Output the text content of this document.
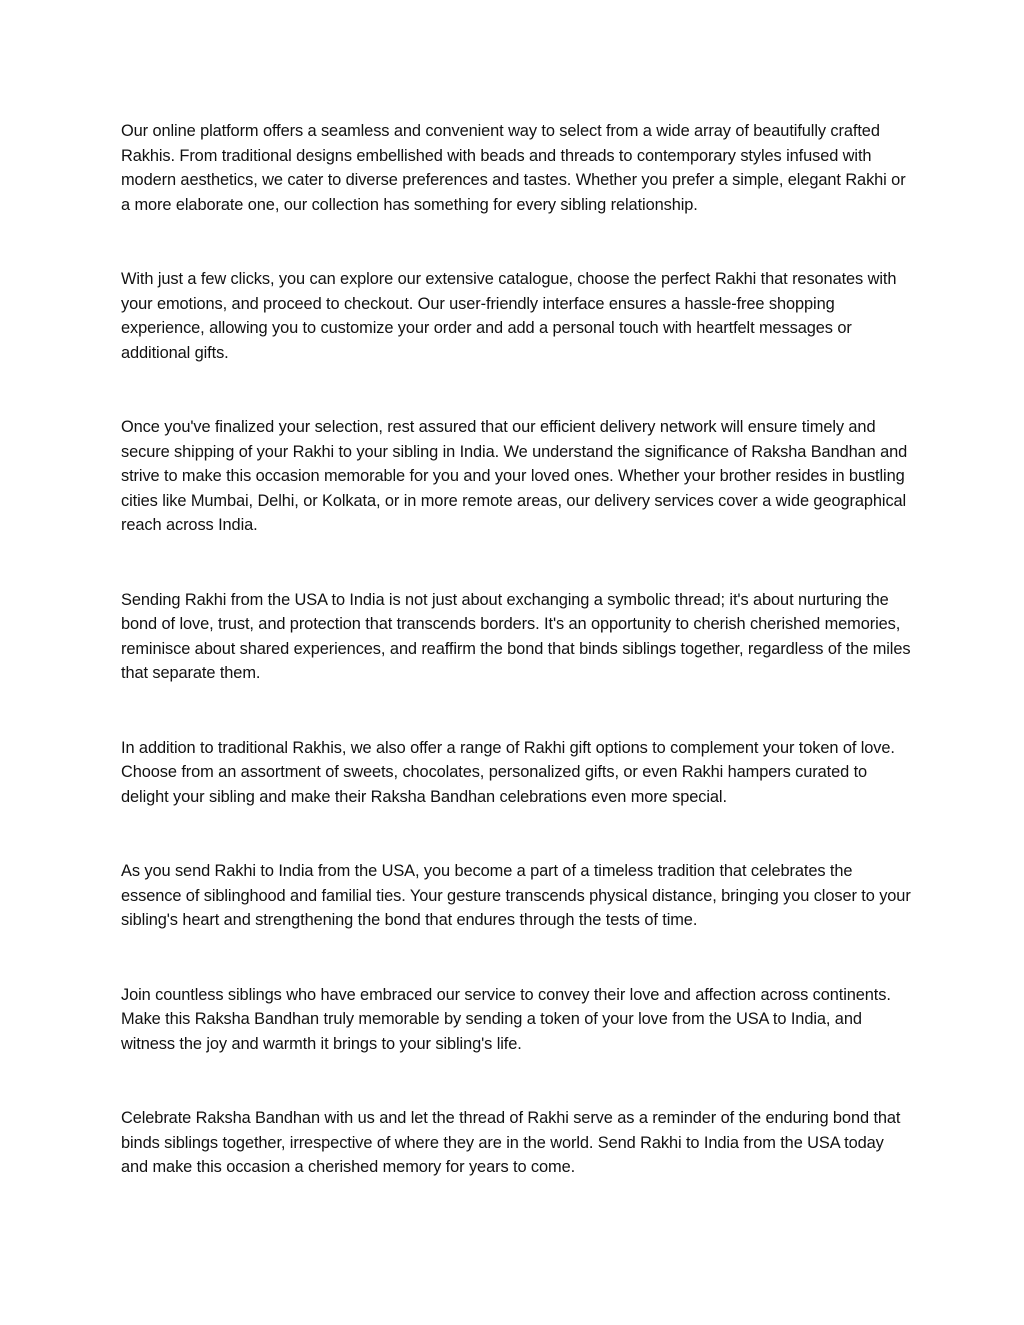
Our online platform offers a seamless and convenient way to select from a wide array of beautifully crafted Rakhis. From traditional designs embellished with beads and threads to contemporary styles infused with modern aesthetics, we cater to diverse preferences and tastes. Whether you prefer a simple, elegant Rakhi or a more elaborate one, our collection has something for every sibling relationship.

With just a few clicks, you can explore our extensive catalogue, choose the perfect Rakhi that resonates with your emotions, and proceed to checkout. Our user-friendly interface ensures a hassle-free shopping experience, allowing you to customize your order and add a personal touch with heartfelt messages or additional gifts.

Once you've finalized your selection, rest assured that our efficient delivery network will ensure timely and secure shipping of your Rakhi to your sibling in India. We understand the significance of Raksha Bandhan and strive to make this occasion memorable for you and your loved ones. Whether your brother resides in bustling cities like Mumbai, Delhi, or Kolkata, or in more remote areas, our delivery services cover a wide geographical reach across India.

Sending Rakhi from the USA to India is not just about exchanging a symbolic thread; it's about nurturing the bond of love, trust, and protection that transcends borders. It's an opportunity to cherish cherished memories, reminisce about shared experiences, and reaffirm the bond that binds siblings together, regardless of the miles that separate them.

In addition to traditional Rakhis, we also offer a range of Rakhi gift options to complement your token of love. Choose from an assortment of sweets, chocolates, personalized gifts, or even Rakhi hampers curated to delight your sibling and make their Raksha Bandhan celebrations even more special.

As you send Rakhi to India from the USA, you become a part of a timeless tradition that celebrates the essence of siblinghood and familial ties. Your gesture transcends physical distance, bringing you closer to your sibling's heart and strengthening the bond that endures through the tests of time.

Join countless siblings who have embraced our service to convey their love and affection across continents. Make this Raksha Bandhan truly memorable by sending a token of your love from the USA to India, and witness the joy and warmth it brings to your sibling's life.

Celebrate Raksha Bandhan with us and let the thread of Rakhi serve as a reminder of the enduring bond that binds siblings together, irrespective of where they are in the world. Send Rakhi to India from the USA today and make this occasion a cherished memory for years to come.
